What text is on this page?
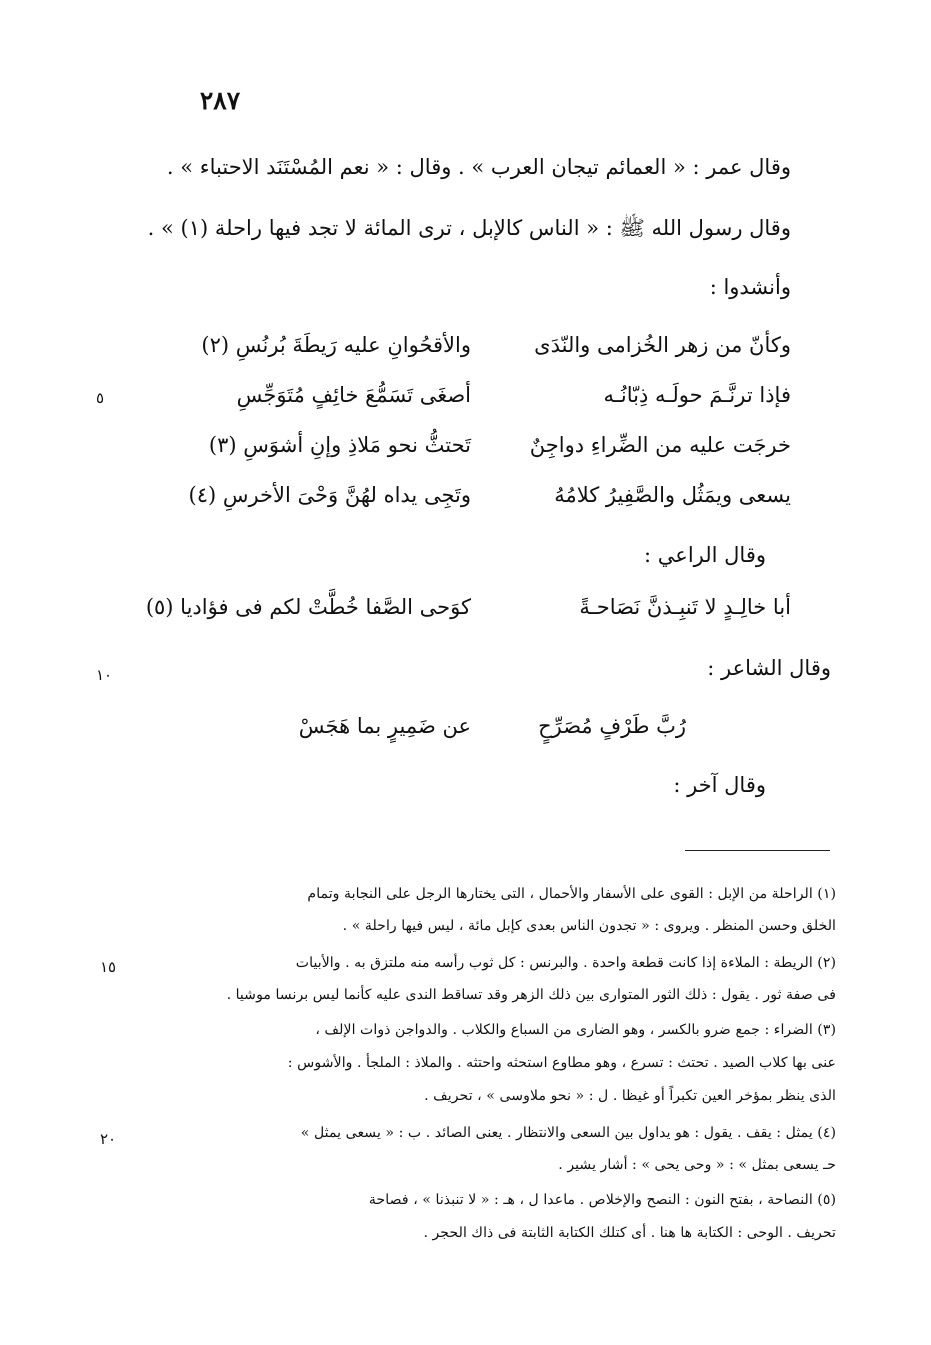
٢٨٧
وقال عمر : « العمائم تيجان العرب » . وقال : « نعم المُسْتَنَد الاحتباء » .
وقال رسول الله ﷺ : « الناس كالإبل ، ترى المائة لا تجد فيها راحلة (١) » .
وأنشدوا :
وكأنّ من زهر الخُزامى والنّدَى
والأقحُوانِ عليه رَيطَةَ بُرنُسِ (٢)
فإذا ترنَّـمَ حولَـه ذِبّانُـه
أصغَى تَسَمُّعَ خائِفٍ مُتَوَجِّسِ
خرجَت عليه من الضِّراءِ دواجِنٌ
تَحتثُّ نحو مَلاذِ وإنِ أشوَسِ (٣)
يسعى ويمَثُل والصَّفِيرُ كلامُهُ
وتَجِى يداه لهُنَّ وَحْىَ الأخرسِ (٤)
وقال الراعي :
أبا خالِـدٍ لا تَنبِـذنَّ نَصَاحـةً
كوَحى الصَّفا خُطَّتْ لكم فى فؤاديا (٥)
وقال الشاعر :
رُبَّ طَرْفٍ مُصَرِّحٍ
عن ضَمِيرٍ بما هَجَسْ
وقال آخر :
٥
١٠
١٥
٢٠
(١) الراحلة من الإبل : القوى على الأسفار والأحمال ، التى يختارها الرجل على النجابة وتمام
الخلق وحسن المنظر . ويروى : « تجدون الناس بعدى كإبل مائة ، ليس فيها راحلة » .
(٢) الريطة : الملاءة إذا كانت قطعة واحدة . والبرنس : كل ثوب رأسه منه ملتزق به . والأبيات
فى صفة ثور . يقول : ذلك الثور المتوارى بين ذلك الزهر وقد تساقط الندى عليه كأنما ليس برنسا موشيا .
(٣) الضراء : جمع ضرو بالكسر ، وهو الضارى من السباع والكلاب . والدواجن ذوات الإلف ،
عنى بها كلاب الصيد . تحتث : تسرع ، وهو مطاوع استحثه واحتثه . والملاذ : الملجأ . والأشوس :
الذى ينظر بمؤخر العين تكبراً أو غيظا . ل : « نحو ملاوسى » ، تحريف .
(٤) يمثل : يقف . يقول : هو يداول بين السعى والانتظار . يعنى الصائد . ب : « يسعى يمثل »
حـ يسعى بمثل » : « وحى يحى » : أشار يشير .
(٥) النصاحة ، بفتح النون : النصح والإخلاص . ماعدا ل ، هـ : « لا تنبذنا » ، فصاحة
تحريف . الوحى : الكتابة ها هنا . أى كتلك الكتابة الثابتة فى ذاك الحجر .
